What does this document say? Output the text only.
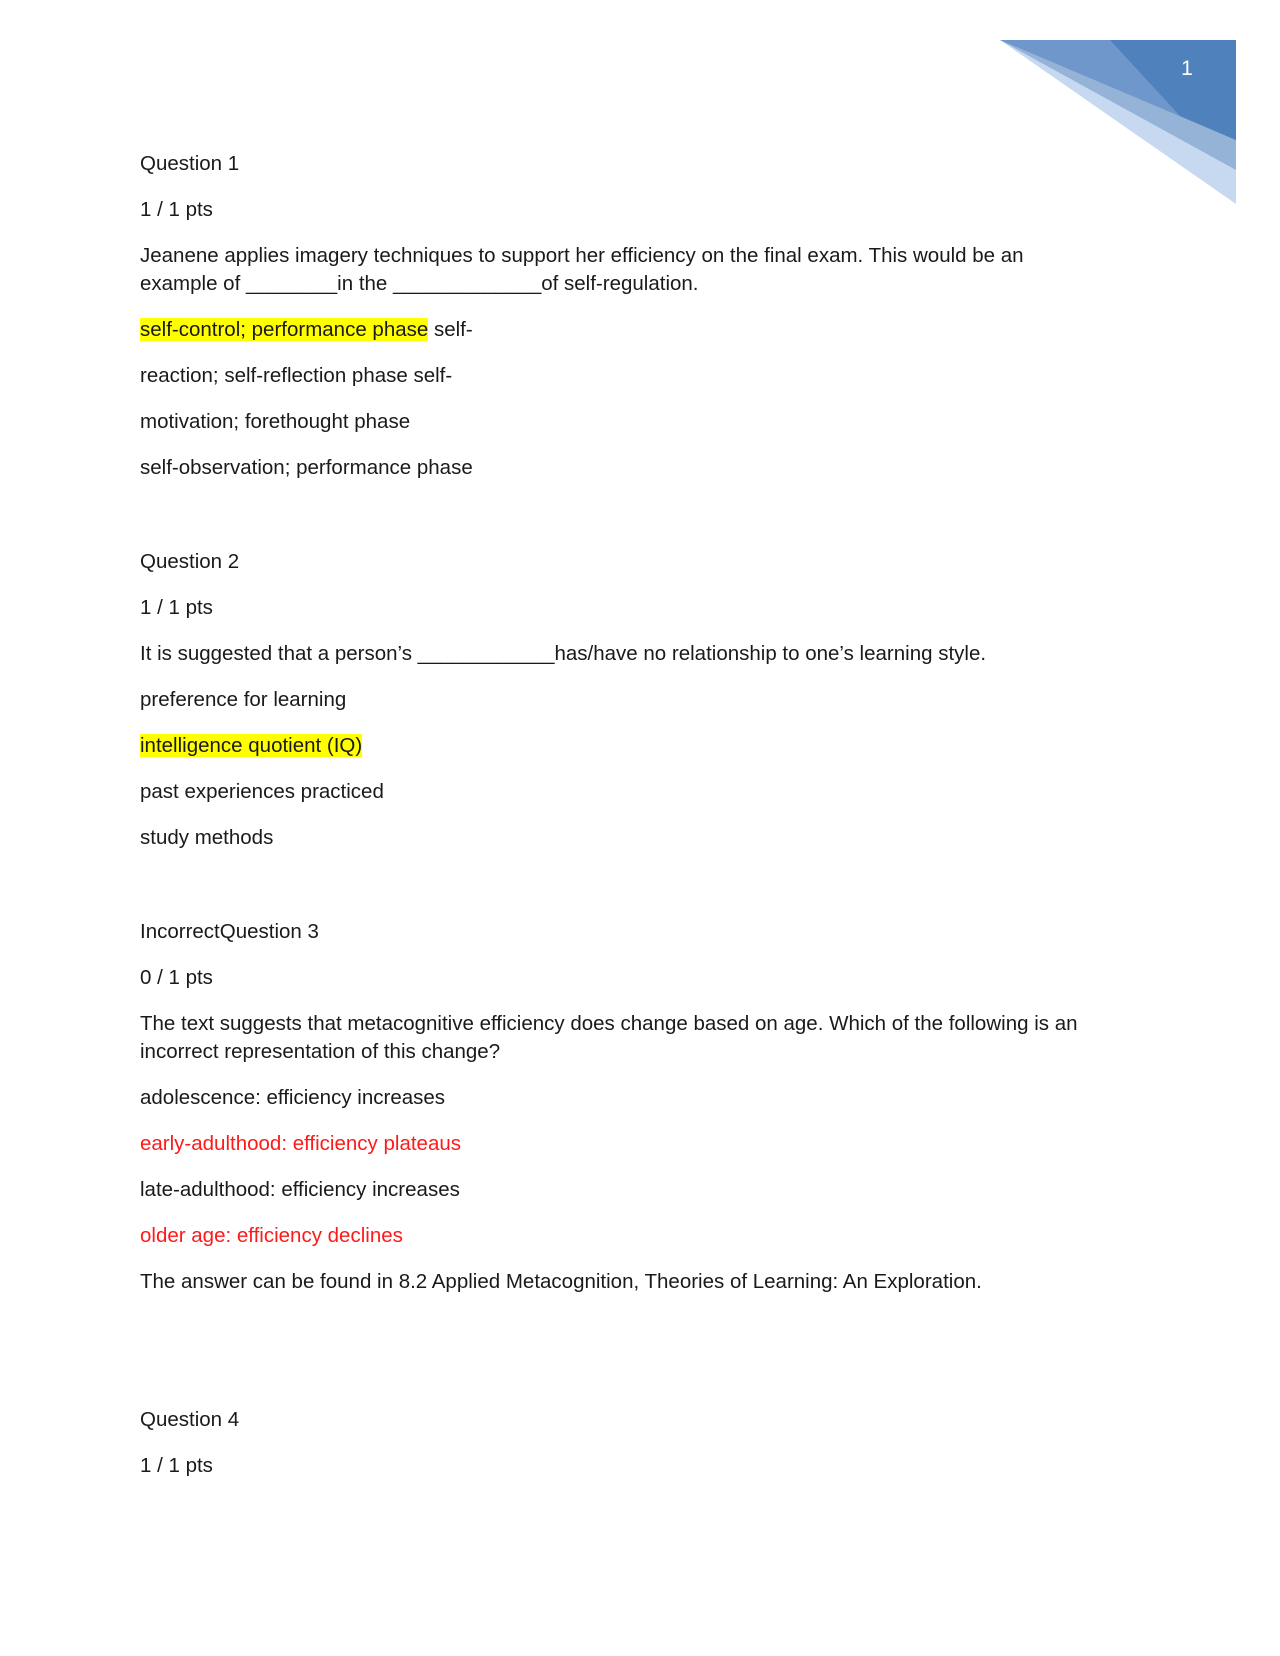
1
Question 1
1 / 1 pts
Jeanene applies imagery techniques to support her efficiency on the final exam. This would be an
example of ________in the _____________of self-regulation.
self-control; performance phase self-
reaction; self-reflection phase self-
motivation; forethought phase
self-observation; performance phase
Question 2
1 / 1 pts
It is suggested that a person’s ____________has/have no relationship to one’s learning style.
preference for learning
intelligence quotient (IQ)
past experiences practiced
study methods
IncorrectQuestion 3
0 / 1 pts
The text suggests that metacognitive efficiency does change based on age. Which of the following is an
incorrect representation of this change?
adolescence: efficiency increases
early-adulthood: efficiency plateaus
late-adulthood: efficiency increases
older age: efficiency declines
The answer can be found in 8.2 Applied Metacognition, Theories of Learning: An Exploration.
Question 4
1 / 1 pts
